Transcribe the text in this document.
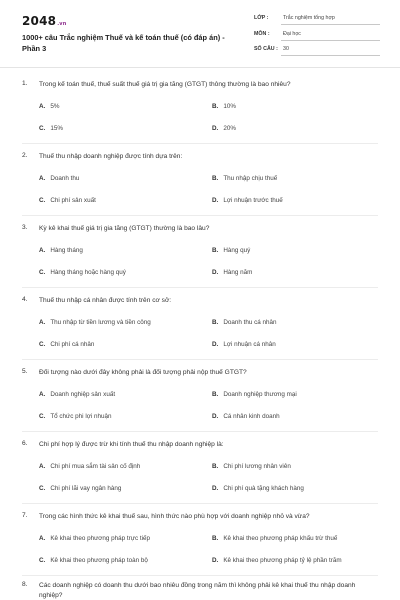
2048.vn
1000+ câu Trắc nghiệm Thuế và kế toán thuế (có đáp án) - Phần 3
LỚP :	Trắc nghiệm tổng hợp
MÔN :	Đại học
SỐ CÂU : 30
1. Trong kế toán thuế, thuế suất thuế giá trị gia tăng (GTGT) thông thường là bao nhiêu?
A. 5%	B. 10%
C. 15%	D. 20%
2. Thuế thu nhập doanh nghiệp được tính dựa trên:
A. Doanh thu	B. Thu nhập chịu thuế
C. Chi phí sản xuất	D. Lợi nhuận trước thuế
3. Kỳ kê khai thuế giá trị gia tăng (GTGT) thường là bao lâu?
A. Hàng tháng	B. Hàng quý
C. Hàng tháng hoặc hàng quý	D. Hàng năm
4. Thuế thu nhập cá nhân được tính trên cơ sở:
A. Thu nhập từ tiền lương và tiền công	B. Doanh thu cá nhân
C. Chi phí cá nhân	D. Lợi nhuận cá nhân
5. Đối tượng nào dưới đây không phải là đối tượng phải nộp thuế GTGT?
A. Doanh nghiệp sản xuất	B. Doanh nghiệp thương mại
C. Tổ chức phi lợi nhuận	D. Cá nhân kinh doanh
6. Chi phí hợp lý được trừ khi tính thuế thu nhập doanh nghiệp là:
A. Chi phí mua sắm tài sản cố định	B. Chi phí lương nhân viên
C. Chi phí lãi vay ngân hàng	D. Chi phí quà tặng khách hàng
7. Trong các hình thức kê khai thuế sau, hình thức nào phù hợp với doanh nghiệp nhỏ và vừa?
A. Kê khai theo phương pháp trực tiếp	B. Kê khai theo phương pháp khấu trừ thuế
C. Kê khai theo phương pháp toàn bộ	D. Kê khai theo phương pháp tỷ lệ phần trăm
8. Các doanh nghiệp có doanh thu dưới bao nhiêu đồng trong năm thì không phải kê khai thuế thu nhập doanh nghiệp?
